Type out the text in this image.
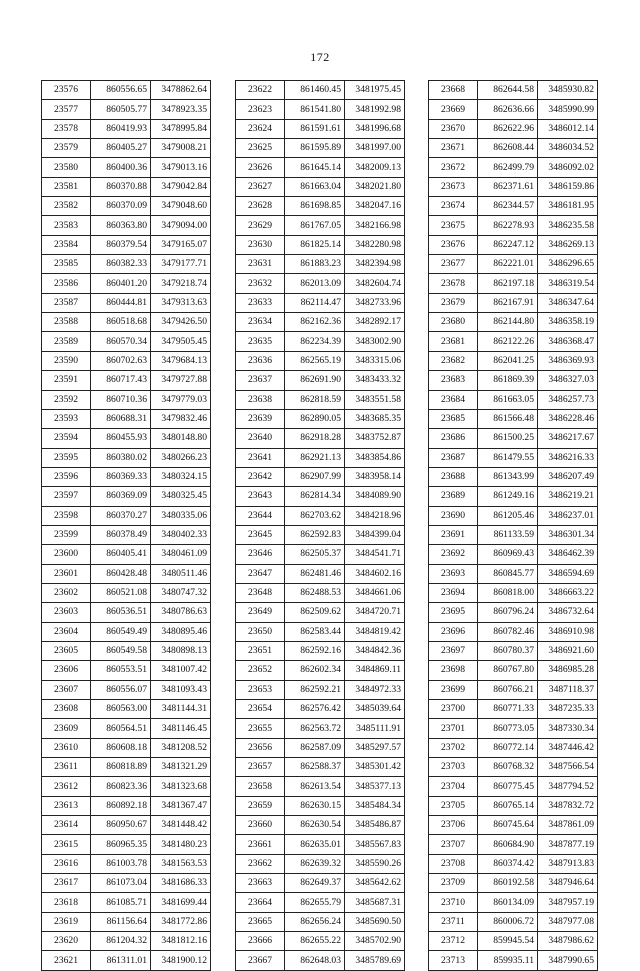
172
23576	860556.65	3478862.64
23577	860505.77	3478923.35
23578	860419.93	3478995.84
23579	860405.27	3479008.21
23580	860400.36	3479013.16
23581	860370.88	3479042.84
23582	860370.09	3479048.60
23583	860363.80	3479094.00
23584	860379.54	3479165.07
23585	860382.33	3479177.71
23586	860401.20	3479218.74
23587	860444.81	3479313.63
23588	860518.68	3479426.50
23589	860570.34	3479505.45
23590	860702.63	3479684.13
23591	860717.43	3479727.88
23592	860710.36	3479779.03
23593	860688.31	3479832.46
23594	860455.93	3480148.80
23595	860380.02	3480266.23
23596	860369.33	3480324.15
23597	860369.09	3480325.45
23598	860370.27	3480335.06
23599	860378.49	3480402.33
23600	860405.41	3480461.09
23601	860428.48	3480511.46
23602	860521.08	3480747.32
23603	860536.51	3480786.63
23604	860549.49	3480895.46
23605	860549.58	3480898.13
23606	860553.51	3481007.42
23607	860556.07	3481093.43
23608	860563.00	3481144.31
23609	860564.51	3481146.45
23610	860608.18	3481208.52
23611	860818.89	3481321.29
23612	860823.36	3481323.68
23613	860892.18	3481367.47
23614	860950.67	3481448.42
23615	860965.35	3481480.23
23616	861003.78	3481563.53
23617	861073.04	3481686.33
23618	861085.71	3481699.44
23619	861156.64	3481772.86
23620	861204.32	3481812.16
23621	861311.01	3481900.12
23622	861460.45	3481975.45
23623	861541.80	3481992.98
23624	861591.61	3481996.68
23625	861595.89	3481997.00
23626	861645.14	3482009.13
23627	861663.04	3482021.80
23628	861698.85	3482047.16
23629	861767.05	3482166.98
23630	861825.14	3482280.98
23631	861883.23	3482394.98
23632	862013.09	3482604.74
23633	862114.47	3482733.96
23634	862162.36	3482892.17
23635	862234.39	3483002.90
23636	862565.19	3483315.06
23637	862691.90	3483433.32
23638	862818.59	3483551.58
23639	862890.05	3483685.35
23640	862918.28	3483752.87
23641	862921.13	3483854.86
23642	862907.99	3483958.14
23643	862814.34	3484089.90
23644	862703.62	3484218.96
23645	862592.83	3484399.04
23646	862505.37	3484541.71
23647	862481.46	3484602.16
23648	862488.53	3484661.06
23649	862509.62	3484720.71
23650	862583.44	3484819.42
23651	862592.16	3484842.36
23652	862602.34	3484869.11
23653	862592.21	3484972.33
23654	862576.42	3485039.64
23655	862563.72	3485111.91
23656	862587.09	3485297.57
23657	862588.37	3485301.42
23658	862613.54	3485377.13
23659	862630.15	3485484.34
23660	862630.54	3485486.87
23661	862635.01	3485567.83
23662	862639.32	3485590.26
23663	862649.37	3485642.62
23664	862655.79	3485687.31
23665	862656.24	3485690.50
23666	862655.22	3485702.90
23667	862648.03	3485789.69
23668	862644.58	3485930.82
23669	862636.66	3485990.99
23670	862622.96	3486012.14
23671	862608.44	3486034.52
23672	862499.79	3486092.02
23673	862371.61	3486159.86
23674	862344.57	3486181.95
23675	862278.93	3486235.58
23676	862247.12	3486269.13
23677	862221.01	3486296.65
23678	862197.18	3486319.54
23679	862167.91	3486347.64
23680	862144.80	3486358.19
23681	862122.26	3486368.47
23682	862041.25	3486369.93
23683	861869.39	3486327.03
23684	861663.05	3486257.73
23685	861566.48	3486228.46
23686	861500.25	3486217.67
23687	861479.55	3486216.33
23688	861343.99	3486207.49
23689	861249.16	3486219.21
23690	861205.46	3486237.01
23691	861133.59	3486301.34
23692	860969.43	3486462.39
23693	860845.77	3486594.69
23694	860818.00	3486663.22
23695	860796.24	3486732.64
23696	860782.46	3486910.98
23697	860780.37	3486921.60
23698	860767.80	3486985.28
23699	860766.21	3487118.37
23700	860771.33	3487235.33
23701	860773.05	3487330.34
23702	860772.14	3487446.42
23703	860768.32	3487566.54
23704	860775.45	3487794.52
23705	860765.14	3487832.72
23706	860745.64	3487861.09
23707	860684.90	3487877.19
23708	860374.42	3487913.83
23709	860192.58	3487946.64
23710	860134.09	3487957.19
23711	860006.72	3487977.08
23712	859945.54	3487986.62
23713	859935.11	3487990.65
